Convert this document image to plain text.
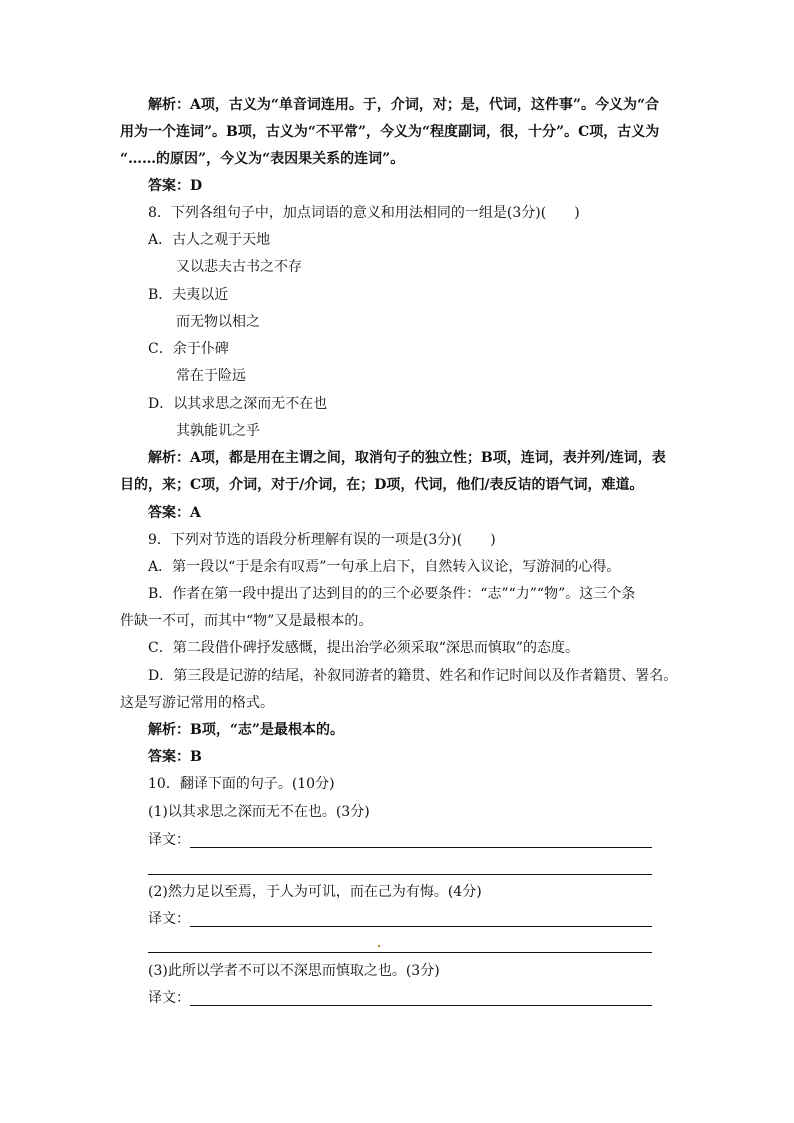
解析：A项，古义为“单音词连用。于，介词，对；是，代词，这件事”。今义为“合
用为一个连词”。B项，古义为“不平常”，今义为“程度副词，很，十分”。C项，古义为
“……的原因”，今义为“表因果关系的连词”。
答案：D
8．下列各组句子中，加点词语的意义和用法相同的一组是(3分)(　　)
A．古人之观于天地
又以悲夫古书之不存
B．夫夷以近
而无物以相之
C．余于仆碑
常在于险远
D．以其求思之深而无不在也
其孰能讥之乎
解析：A项，都是用在主谓之间，取消句子的独立性；B项，连词，表并列/连词，表
目的，来；C项，介词，对于/介词，在；D项，代词，他们/表反诘的语气词，难道。
答案：A
9．下列对节选的语段分析理解有误的一项是(3分)(　　)
A．第一段以“于是余有叹焉”一句承上启下，自然转入议论，写游洞的心得。
B．作者在第一段中提出了达到目的的三个必要条件：“志”“力”“物”。这三个条
件缺一不可，而其中“物”又是最根本的。
C．第二段借仆碑抒发感慨，提出治学必须采取“深思而慎取”的态度。
D．第三段是记游的结尾，补叙同游者的籍贯、姓名和作记时间以及作者籍贯、署名。
这是写游记常用的格式。
解析：B项，“志”是最根本的。
答案：B
10．翻译下面的句子。(10分)
(1)以其求思之深而无不在也。(3分)
译文：
(2)然力足以至焉，于人为可讥，而在己为有悔。(4分)
译文：
(3)此所以学者不可以不深思而慎取之也。(3分)
译文：
